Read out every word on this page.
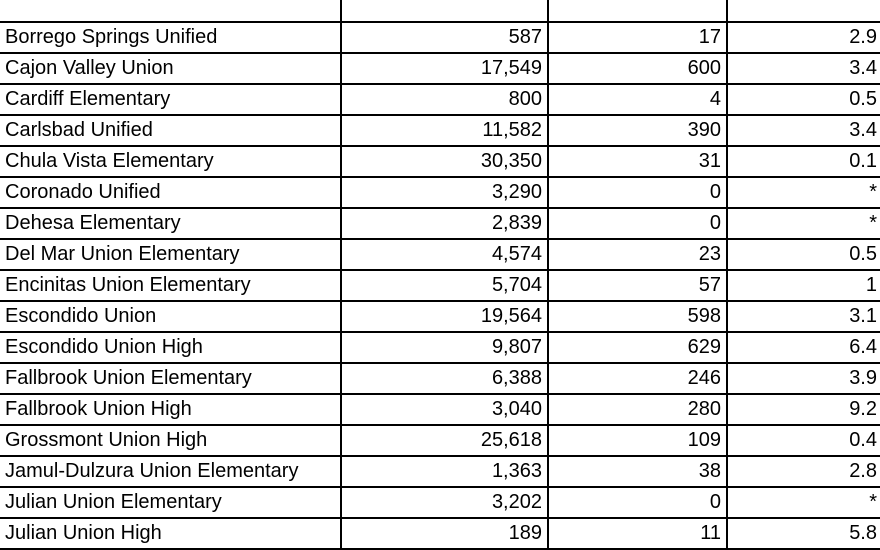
Borrego Springs Unified	587	17	2.9
Cajon Valley Union	17,549	600	3.4
Cardiff Elementary	800	4	0.5
Carlsbad Unified	11,582	390	3.4
Chula Vista Elementary	30,350	31	0.1
Coronado Unified	3,290	0	*
Dehesa Elementary	2,839	0	*
Del Mar Union Elementary	4,574	23	0.5
Encinitas Union Elementary	5,704	57	1
Escondido Union	19,564	598	3.1
Escondido Union High	9,807	629	6.4
Fallbrook Union Elementary	6,388	246	3.9
Fallbrook Union High	3,040	280	9.2
Grossmont Union High	25,618	109	0.4
Jamul-Dulzura Union Elementary	1,363	38	2.8
Julian Union Elementary	3,202	0	*
Julian Union High	189	11	5.8
